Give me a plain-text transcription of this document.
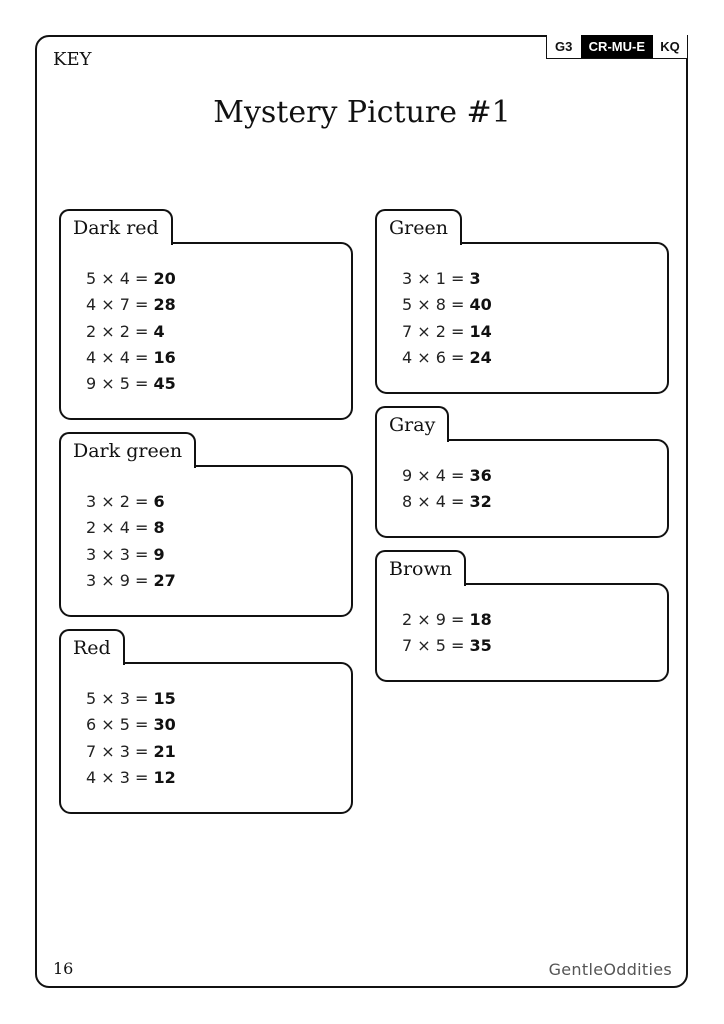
KEY
G3	CR-MU-E	KQ
Mystery Picture #1
Dark red
5 × 4 = 20
4 × 7 = 28
2 × 2 = 4
4 × 4 = 16
9 × 5 = 45
Dark green
3 × 2 = 6
2 × 4 = 8
3 × 3 = 9
3 × 9 = 27
Red
5 × 3 = 15
6 × 5 = 30
7 × 3 = 21
4 × 3 = 12
Green
3 × 1 = 3
5 × 8 = 40
7 × 2 = 14
4 × 6 = 24
Gray
9 × 4 = 36
8 × 4 = 32
Brown
2 × 9 = 18
7 × 5 = 35
16	GentleOddities
